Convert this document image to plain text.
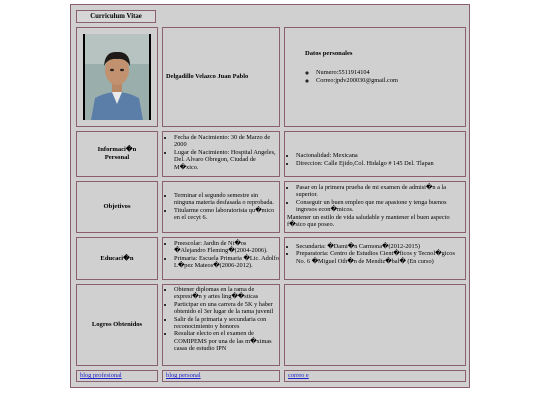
Curriculum Vitae
Delgadillo Velazco Juan Pablo
Datos personales
◦ Numero:5511914104
◦ Correo:jpdv200030@gmail.com
Informaci�n Personal
• Fecha de Nacimiento: 30 de Marzo de 2000
• Lugar de Nacimiento: Hospital Angeles, Del. Alvaro Obregon, Ciudad de M�xico.
• Nacionalidad: Mexicana
• Direccion: Calle Ejido,Col. Hidalgo # 145 Del. Tlapan
Objetivos
• Terminar el segundo semestre sin ninguna materia desfasada o reprobada.
• Titularme como laboratorista qu�mico en el cecyt 6.
• Pasar en la primera prueba de mi examen de admisi�n a la superior.
• Conseguir un buen empleo que me apasione y tenga buenos ingresos econ�micos.
Mantener un estilo de vida saludable y mantener el buen aspecto f�sico que poseo.
Educaci�n
• Preescolar: Jardin de Ni�os �Alejandro Fleming�(2004-2006).
• Primaria: Escuela Primaria �Lic. Adolfo L�pez Mateos�(2006-2012).
• Secundaria: �Dami�n Carmona�(2012-2015)
• Preparatoria: Centro de Estudios Cient�ficos y Tecnol�gicos No. 6 �Miguel Oth�n de Mendiz�bal� (En curso)
Logros Obtenidos
• Obtener diplomas en la rama de expresi�n y artes ling��sticas
• Participar en una carrera de 5K y haber obtenido el 3er lugar de la rama juvenil
• Salir de la primaria y secundaria con reconocimiento y honores
• Resultar electo en el examen de COMIPEMS por una de las m�ximas casas de estudio IPN
blog profesional	blog personal	correo e
